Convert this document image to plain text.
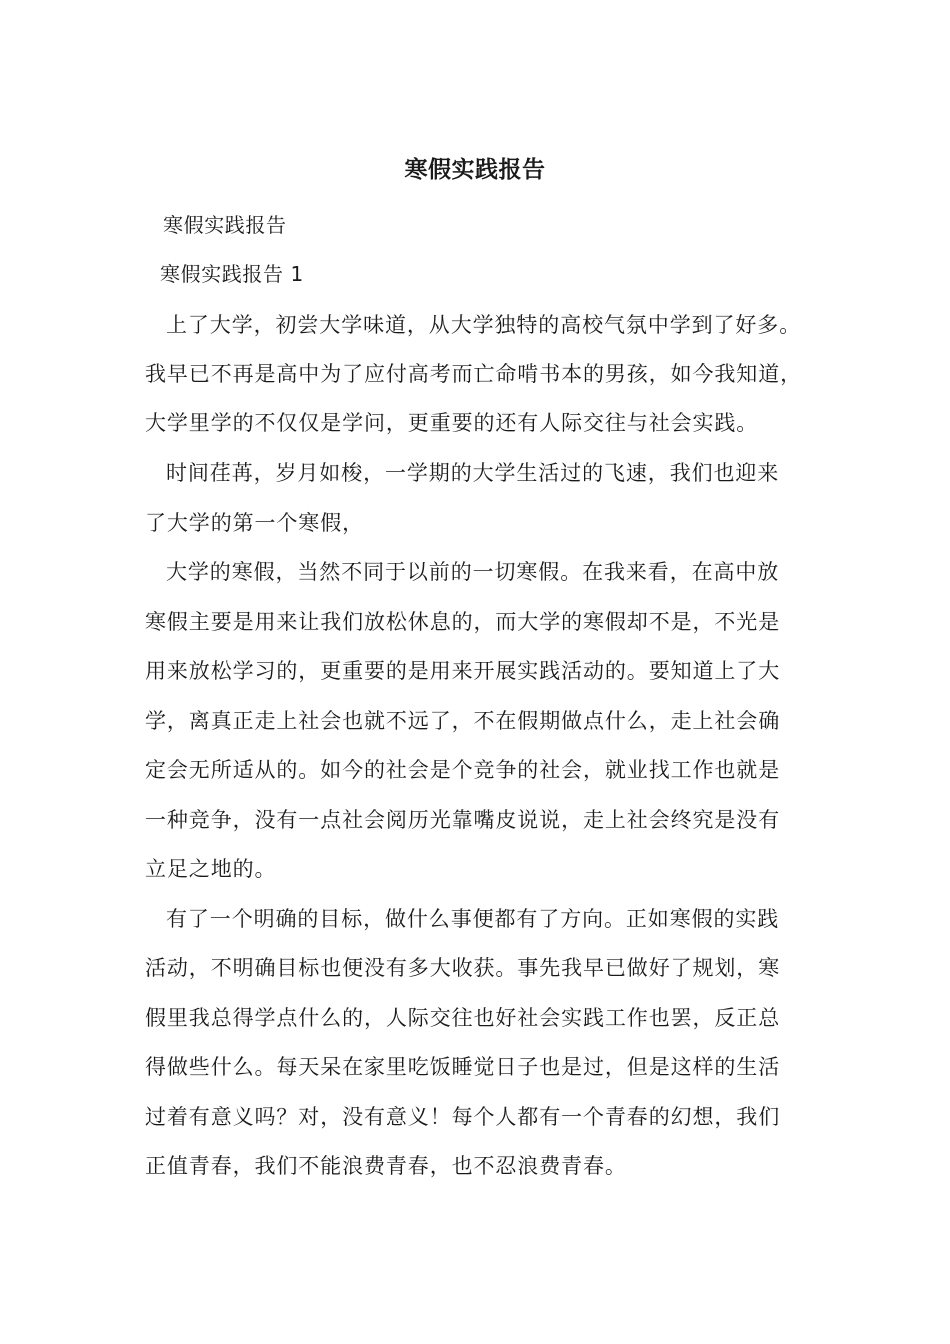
寒假实践报告
寒假实践报告
寒假实践报告 1
上了大学，初尝大学味道，从大学独特的高校气氛中学到了好多。
我早已不再是高中为了应付高考而亡命啃书本的男孩，如今我知道，
大学里学的不仅仅是学问，更重要的还有人际交往与社会实践。
时间荏苒，岁月如梭，一学期的大学生活过的飞速，我们也迎来
了大学的第一个寒假，
大学的寒假，当然不同于以前的一切寒假。在我来看，在高中放
寒假主要是用来让我们放松休息的，而大学的寒假却不是，不光是
用来放松学习的，更重要的是用来开展实践活动的。要知道上了大
学，离真正走上社会也就不远了，不在假期做点什么，走上社会确
定会无所适从的。如今的社会是个竞争的社会，就业找工作也就是
一种竞争，没有一点社会阅历光靠嘴皮说说，走上社会终究是没有
立足之地的。
有了一个明确的目标，做什么事便都有了方向。正如寒假的实践
活动，不明确目标也便没有多大收获。事先我早已做好了规划，寒
假里我总得学点什么的，人际交往也好社会实践工作也罢，反正总
得做些什么。每天呆在家里吃饭睡觉日子也是过，但是这样的生活
过着有意义吗？对，没有意义！每个人都有一个青春的幻想，我们
正值青春，我们不能浪费青春，也不忍浪费青春。
